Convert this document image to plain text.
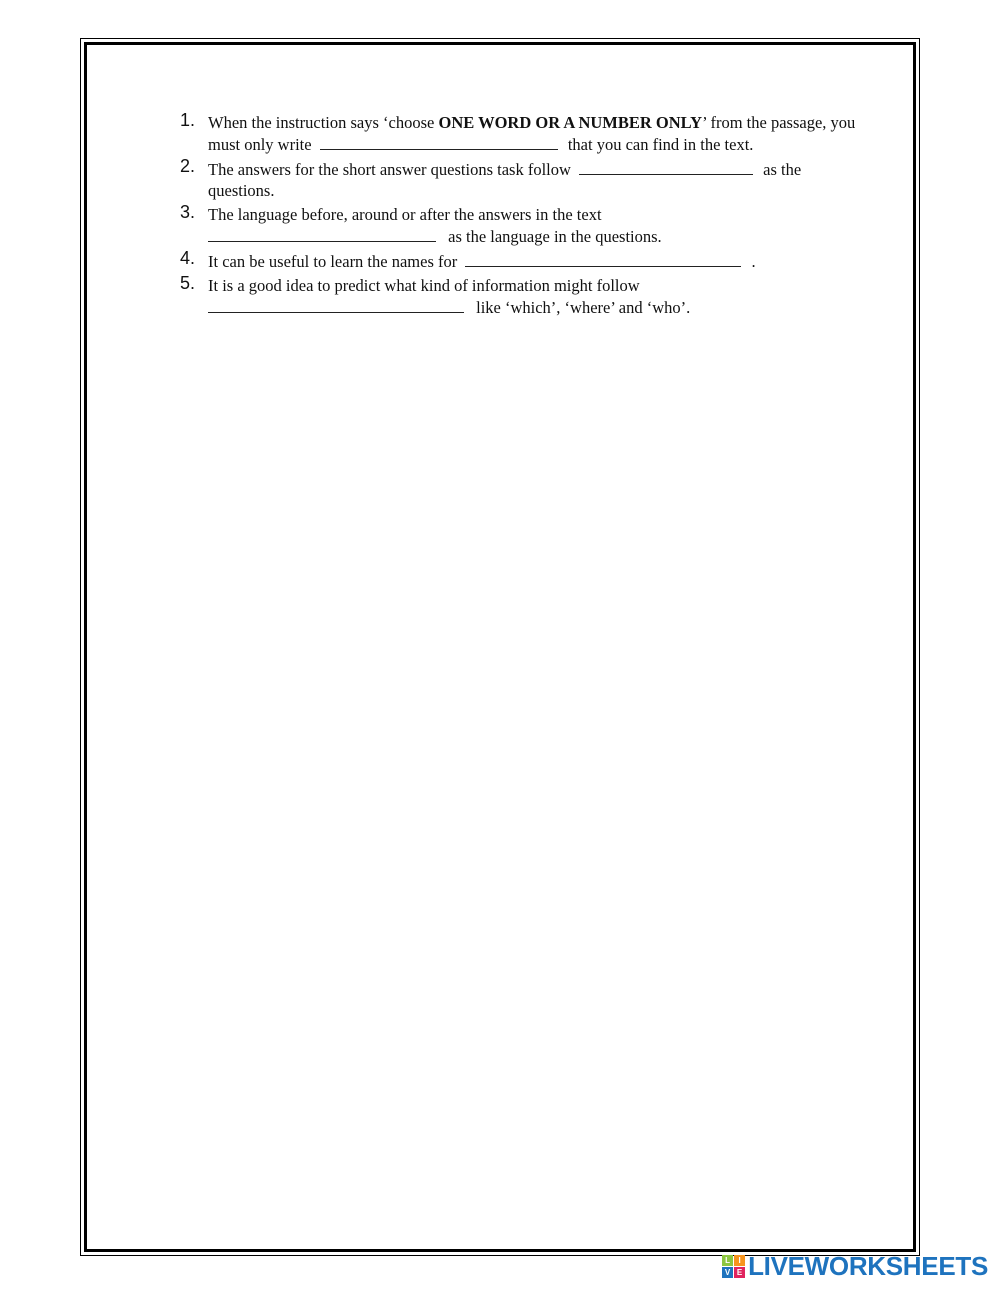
1. When the instruction says ‘choose ONE WORD OR A NUMBER ONLY’ from the passage, you must only write	that you can find in the text.
2. The answers for the short answer questions task follow	as the questions.
3. The language before, around or after the answers in the text
as the language in the questions.
4. It can be useful to learn the names for	.
5. It is a good idea to predict what kind of information might follow
like ‘which’, ‘where’ and ‘who’.
L	I
V E LIVEWORKSHEETS
